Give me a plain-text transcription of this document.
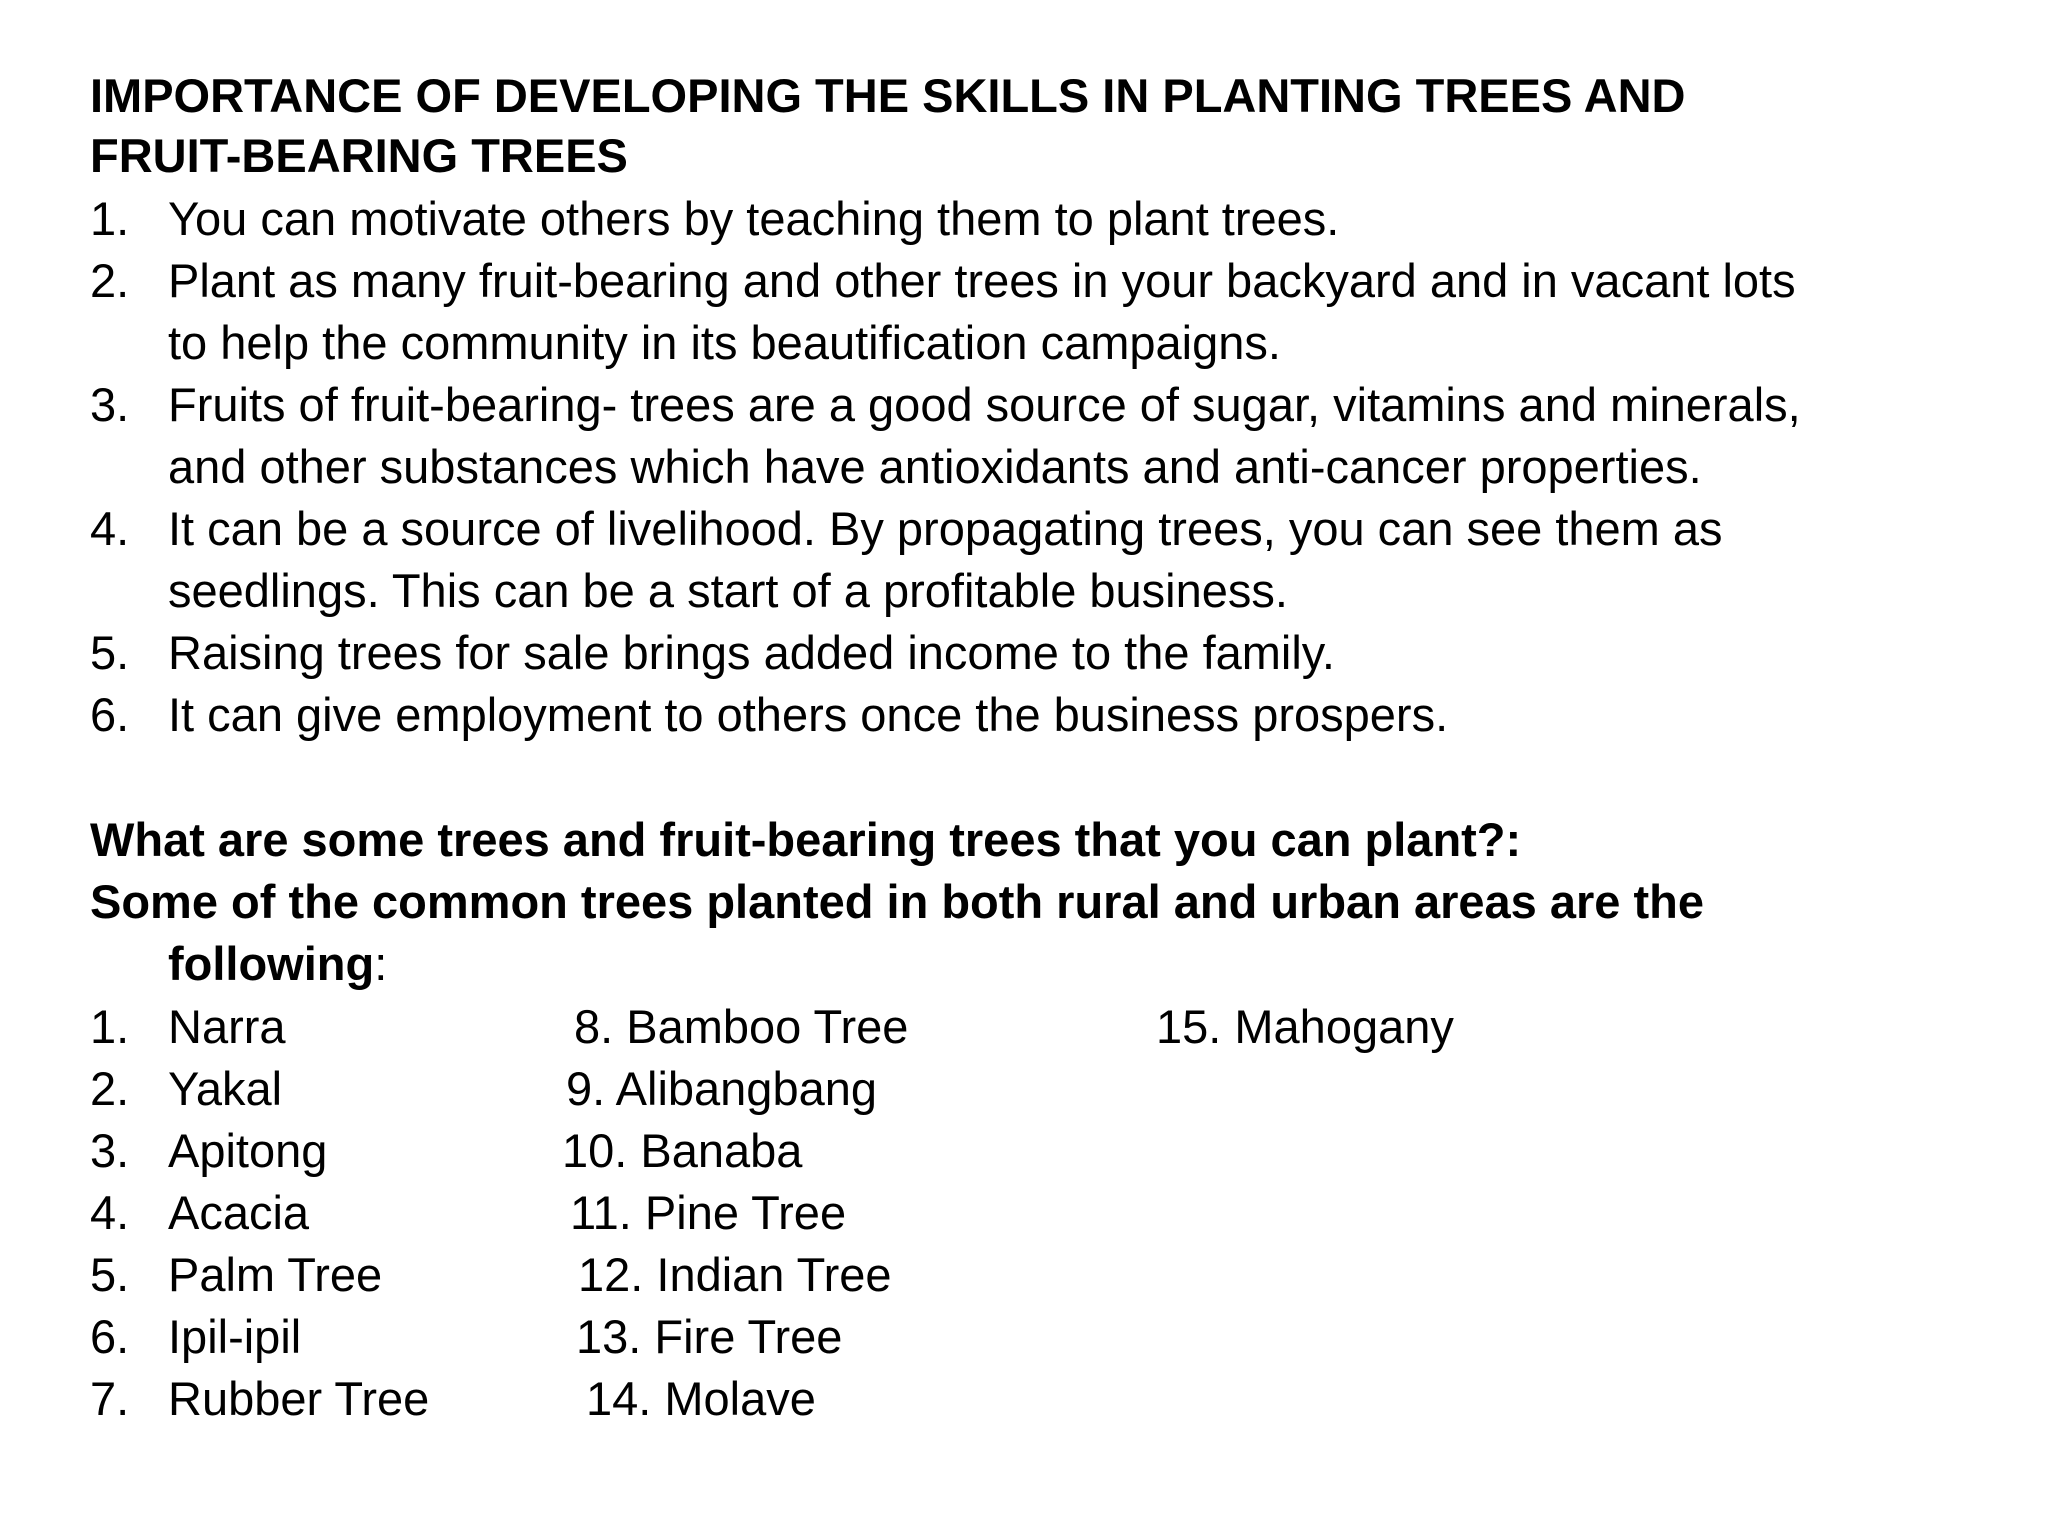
IMPORTANCE OF DEVELOPING THE SKILLS IN PLANTING TREES AND
FRUIT-BEARING TREES
1. You can motivate others by teaching them to plant trees.
2. Plant as many fruit-bearing and other trees in your backyard and in vacant lots
to help the community in its beautification campaigns.
3. Fruits of fruit-bearing- trees are a good source of sugar, vitamins and minerals,
and other substances which have antioxidants and anti-cancer properties.
4. It can be a source of livelihood. By propagating trees, you can see them as
seedlings. This can be a start of a profitable business.
5. Raising trees for sale brings added income to the family.
6. It can give employment to others once the business prospers.
What are some trees and fruit-bearing trees that you can plant?:
Some of the common trees planted in both rural and urban areas are the
following:
1. Narra
2. Yakal
3. Apitong
4. Acacia
5. Palm Tree
6. Ipil-ipil
7. Rubber Tree
8. Bamboo Tree
9. Alibangbang
10. Banaba
11. Pine Tree
12. Indian Tree
13. Fire Tree
14. Molave
15. Mahogany
